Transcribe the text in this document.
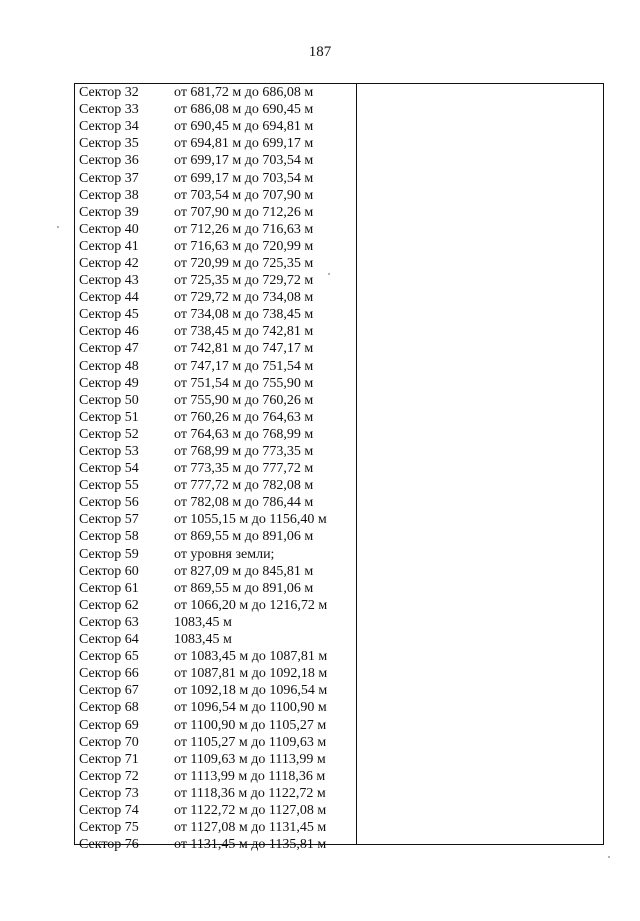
187
Сектор 32	от 681,72 м до 686,08 м
Сектор 33	от 686,08 м до 690,45 м
Сектор 34	от 690,45 м до 694,81 м
Сектор 35	от 694,81 м до 699,17 м
Сектор 36	от 699,17 м до 703,54 м
Сектор 37	от 699,17 м до 703,54 м
Сектор 38	от 703,54 м до 707,90 м
Сектор 39	от 707,90 м до 712,26 м
Сектор 40	от 712,26 м до 716,63 м
Сектор 41	от 716,63 м до 720,99 м
Сектор 42	от 720,99 м до 725,35 м
Сектор 43	от 725,35 м до 729,72 м
Сектор 44	от 729,72 м до 734,08 м
Сектор 45	от 734,08 м до 738,45 м
Сектор 46	от 738,45 м до 742,81 м
Сектор 47	от 742,81 м до 747,17 м
Сектор 48	от 747,17 м до 751,54 м
Сектор 49	от 751,54 м до 755,90 м
Сектор 50	от 755,90 м до 760,26 м
Сектор 51	от 760,26 м до 764,63 м
Сектор 52	от 764,63 м до 768,99 м
Сектор 53	от 768,99 м до 773,35 м
Сектор 54	от 773,35 м до 777,72 м
Сектор 55	от 777,72 м до 782,08 м
Сектор 56	от 782,08 м до 786,44 м
Сектор 57	от 1055,15 м до 1156,40 м
Сектор 58	от 869,55 м до 891,06 м
Сектор 59	от уровня земли;
Сектор 60	от 827,09 м до 845,81 м
Сектор 61	от 869,55 м до 891,06 м
Сектор 62	от 1066,20 м до 1216,72 м
Сектор 63	1083,45 м
Сектор 64	1083,45 м
Сектор 65	от 1083,45 м до 1087,81 м
Сектор 66	от 1087,81 м до 1092,18 м
Сектор 67	от 1092,18 м до 1096,54 м
Сектор 68	от 1096,54 м до 1100,90 м
Сектор 69	от 1100,90 м до 1105,27 м
Сектор 70	от 1105,27 м до 1109,63 м
Сектор 71	от 1109,63 м до 1113,99 м
Сектор 72	от 1113,99 м до 1118,36 м
Сектор 73	от 1118,36 м до 1122,72 м
Сектор 74	от 1122,72 м до 1127,08 м
Сектор 75	от 1127,08 м до 1131,45 м
Сектор 76	от 1131,45 м до 1135,81 м
